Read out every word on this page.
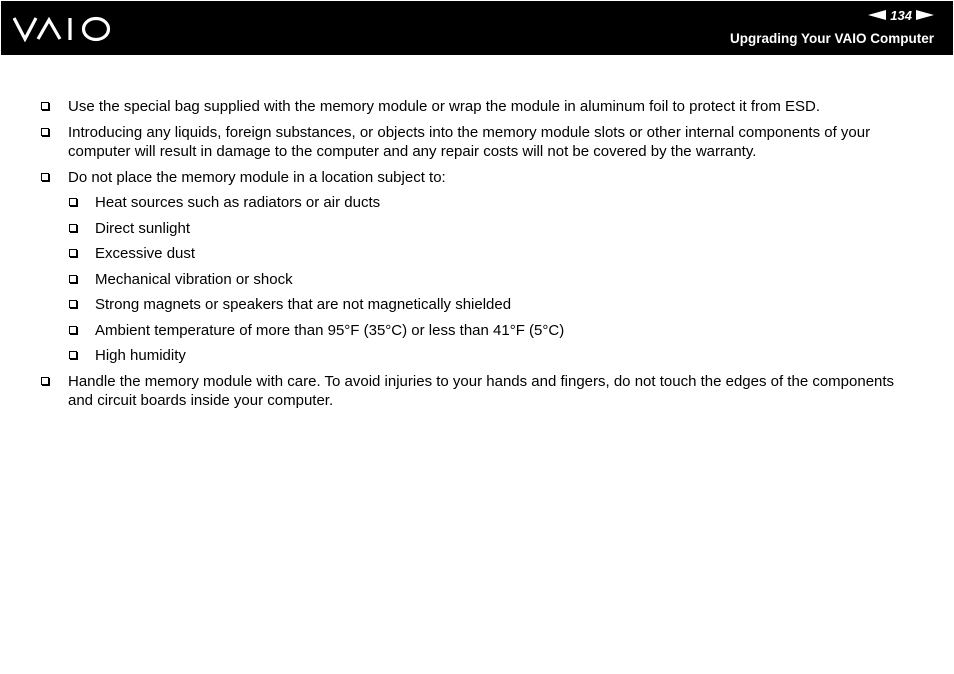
134
Upgrading Your VAIO Computer
Use the special bag supplied with the memory module or wrap the module in aluminum foil to protect it from ESD.
Introducing any liquids, foreign substances, or objects into the memory module slots or other internal components of your computer will result in damage to the computer and any repair costs will not be covered by the warranty.
Do not place the memory module in a location subject to:
Heat sources such as radiators or air ducts
Direct sunlight
Excessive dust
Mechanical vibration or shock
Strong magnets or speakers that are not magnetically shielded
Ambient temperature of more than 95°F (35°C) or less than 41°F (5°C)
High humidity
Handle the memory module with care. To avoid injuries to your hands and fingers, do not touch the edges of the components and circuit boards inside your computer.
